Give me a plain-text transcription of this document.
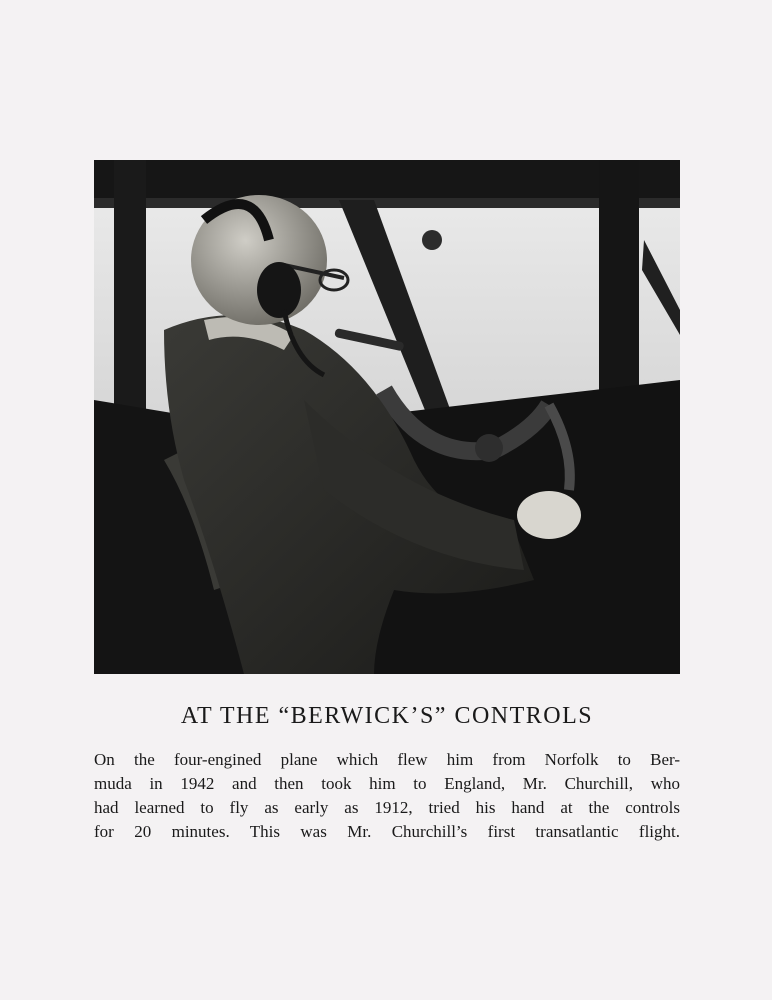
AT THE “BERWICK’S” CONTROLS
On the four-engined plane which flew him from Norfolk to Ber-
muda in 1942 and then took him to England, Mr. Churchill, who
had learned to fly as early as 1912, tried his hand at the controls
for 20 minutes. This was Mr. Churchill’s first transatlantic flight.
